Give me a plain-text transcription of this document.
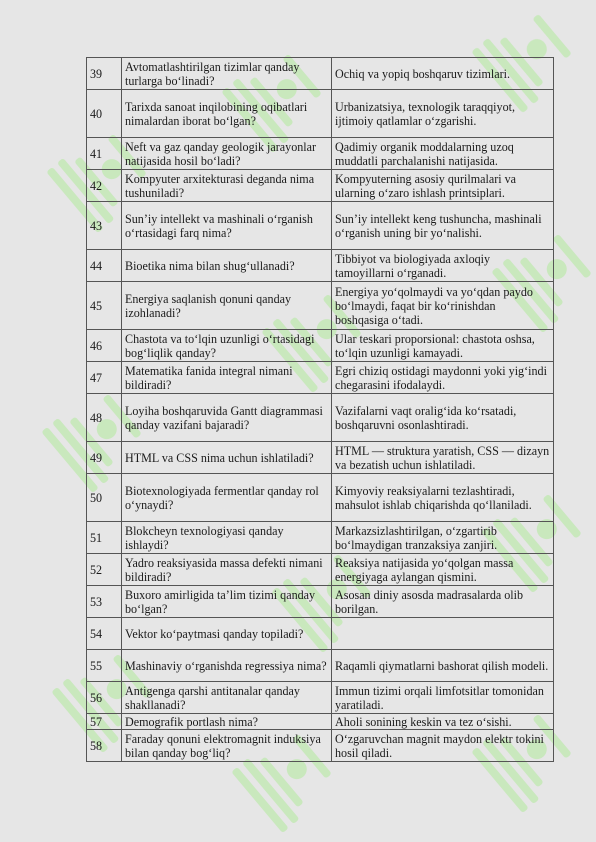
39	Avtomatlashtirilgan tizimlar qanday turlarga bo‘linadi?	Ochiq va yopiq boshqaruv tizimlari.
40	Tarixda sanoat inqilobining oqibatlari nimalardan iborat bo‘lgan?	Urbanizatsiya, texnologik taraqqiyot, ijtimoiy qatlamlar o‘zgarishi.
41	Neft va gaz qanday geologik jarayonlar natijasida hosil bo‘ladi?	Qadimiy organik moddalarning uzoq muddatli parchalanishi natijasida.
42	Kompyuter arxitekturasi deganda nima tushuniladi?	Kompyuterning asosiy qurilmalari va ularning o‘zaro ishlash printsiplari.
43	Sun’iy intellekt va mashinali o‘rganish o‘rtasidagi farq nima?	Sun’iy intellekt keng tushuncha, mashinali o‘rganish uning bir yo‘nalishi.
44	Bioetika nima bilan shug‘ullanadi?	Tibbiyot va biologiyada axloqiy tamoyillarni o‘rganadi.
45	Energiya saqlanish qonuni qanday izohlanadi?	Energiya yo‘qolmaydi va yo‘qdan paydo bo‘lmaydi, faqat bir ko‘rinishdan boshqasiga o‘tadi.
46	Chastota va to‘lqin uzunligi o‘rtasidagi bog‘liqlik qanday?	Ular teskari proporsional: chastota oshsa, to‘lqin uzunligi kamayadi.
47	Matematika fanida integral nimani bildiradi?	Egri chiziq ostidagi maydonni yoki yig‘indi chegarasini ifodalaydi.
48	Loyiha boshqaruvida Gantt diagrammasi qanday vazifani bajaradi?	Vazifalarni vaqt oralig‘ida ko‘rsatadi, boshqaruvni osonlashtiradi.
49	HTML va CSS nima uchun ishlatiladi?	HTML — struktura yaratish, CSS — dizayn va bezatish uchun ishlatiladi.
50	Biotexnologiyada fermentlar qanday rol o‘ynaydi?	Kimyoviy reaksiyalarni tezlashtiradi, mahsulot ishlab chiqarishda qo‘llaniladi.
51	Blokcheyn texnologiyasi qanday ishlaydi?	Markazsizlashtirilgan, o‘zgartirib bo‘lmaydigan tranzaksiya zanjiri.
52	Yadro reaksiyasida massa defekti nimani bildiradi?	Reaksiya natijasida yo‘qolgan massa energiyaga aylangan qismini.
53	Buxoro amirligida ta’lim tizimi qanday bo‘lgan?	Asosan diniy asosda madrasalarda olib borilgan.
54	Vektor ko‘paytmasi qanday topiladi?	
55	Mashinaviy o‘rganishda regressiya nima?	Raqamli qiymatlarni bashorat qilish modeli.
56	Antigenga qarshi antitanalar qanday shakllanadi?	Immun tizimi orqali limfotsitlar tomonidan yaratiladi.
57	Demografik portlash nima?	Aholi sonining keskin va tez o‘sishi.
58	Faraday qonuni elektromagnit induksiya bilan qanday bog‘liq?	O‘zgaruvchan magnit maydon elektr tokini hosil qiladi.
